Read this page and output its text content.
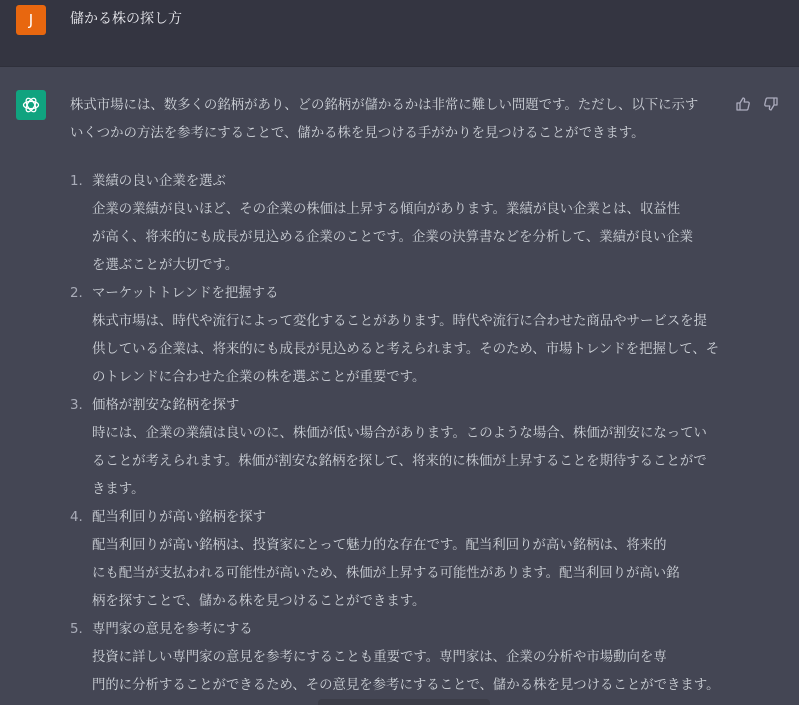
J	儲かる株の探し方
株式市場には、数多くの銘柄があり、どの銘柄が儲かるかは非常に難しい問題です。ただし、以下に示す
いくつかの方法を参考にすることで、儲かる株を見つける手がかりを見つけることができます。
1. 業績の良い企業を選ぶ
企業の業績が良いほど、その企業の株価は上昇する傾向があります。業績が良い企業とは、収益性
が高く、将来的にも成長が見込める企業のことです。企業の決算書などを分析して、業績が良い企業
を選ぶことが大切です。
2. マーケットトレンドを把握する
株式市場は、時代や流行によって変化することがあります。時代や流行に合わせた商品やサービスを提
供している企業は、将来的にも成長が見込めると考えられます。そのため、市場トレンドを把握して、そ
のトレンドに合わせた企業の株を選ぶことが重要です。
3. 価格が割安な銘柄を探す
時には、企業の業績は良いのに、株価が低い場合があります。このような場合、株価が割安になってい
ることが考えられます。株価が割安な銘柄を探して、将来的に株価が上昇することを期待することがで
きます。
4. 配当利回りが高い銘柄を探す
配当利回りが高い銘柄は、投資家にとって魅力的な存在です。配当利回りが高い銘柄は、将来的
にも配当が支払われる可能性が高いため、株価が上昇する可能性があります。配当利回りが高い銘
柄を探すことで、儲かる株を見つけることができます。
5. 専門家の意見を参考にする
投資に詳しい専門家の意見を参考にすることも重要です。専門家は、企業の分析や市場動向を専
門的に分析することができるため、その意見を参考にすることで、儲かる株を見つけることができます。
